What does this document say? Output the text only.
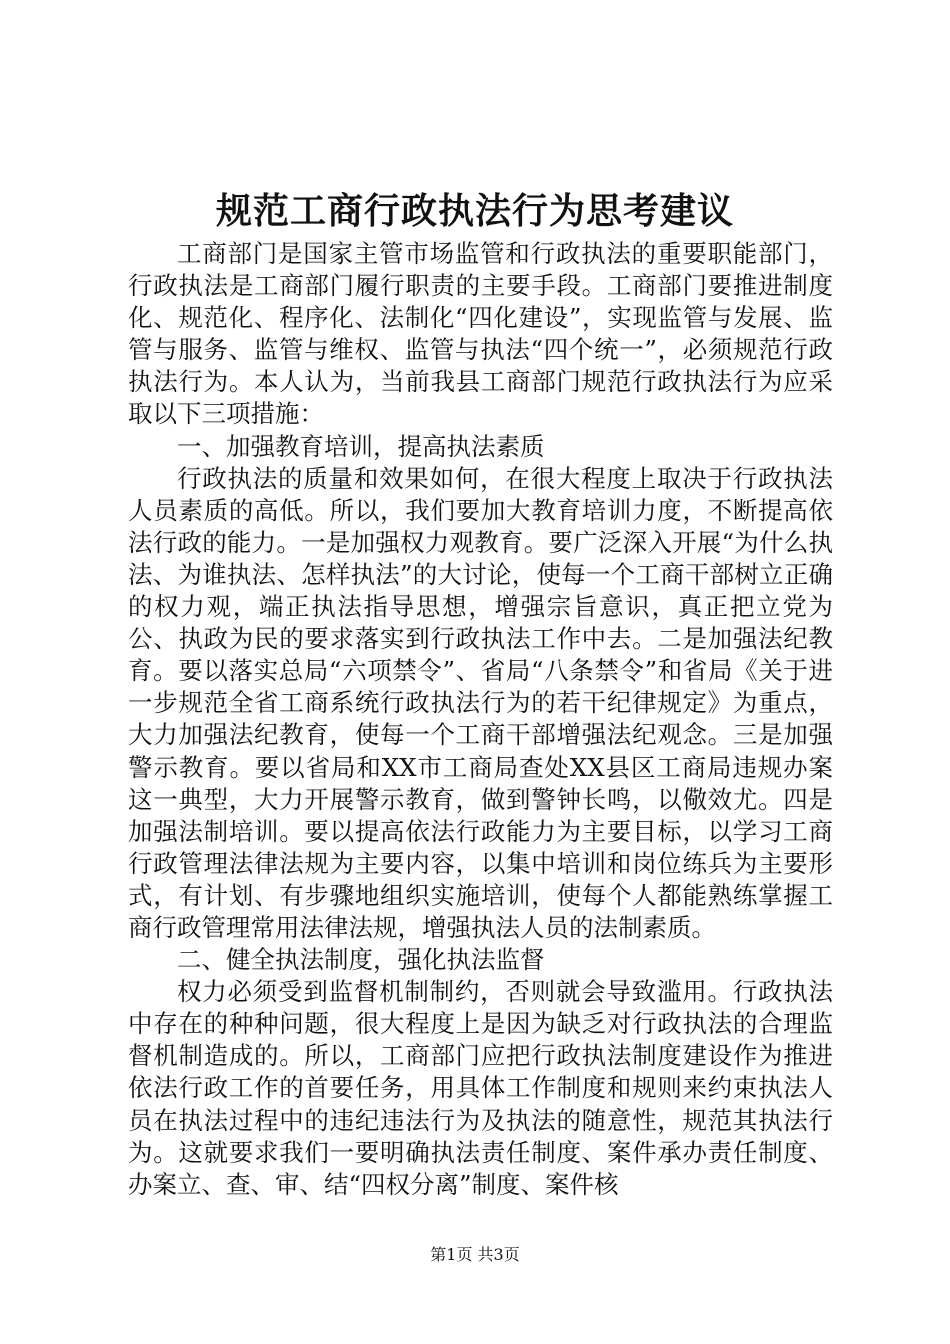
规范工商行政执法行为思考建议

工商部门是国家主管市场监管和行政执法的重要职能部门，行政执法是工商部门履行职责的主要手段。工商部门要推进制度化、规范化、程序化、法制化“四化建设”，实现监管与发展、监管与服务、监管与维权、监管与执法“四个统一”，必须规范行政执法行为。本人认为，当前我县工商部门规范行政执法行为应采取以下三项措施：

一、加强教育培训，提高执法素质

行政执法的质量和效果如何，在很大程度上取决于行政执法人员素质的高低。所以，我们要加大教育培训力度，不断提高依法行政的能力。一是加强权力观教育。要广泛深入开展“为什么执法、为谁执法、怎样执法”的大讨论，使每一个工商干部树立正确的权力观，端正执法指导思想，增强宗旨意识，真正把立党为公、执政为民的要求落实到行政执法工作中去。二是加强法纪教育。要以落实总局“六项禁令”、省局“八条禁令”和省局《关于进一步规范全省工商系统行政执法行为的若干纪律规定》为重点，大力加强法纪教育，使每一个工商干部增强法纪观念。三是加强警示教育。要以省局和XX市工商局查处XX县区工商局违规办案这一典型，大力开展警示教育，做到警钟长鸣，以儆效尤。四是加强法制培训。要以提高依法行政能力为主要目标，以学习工商行政管理法律法规为主要内容，以集中培训和岗位练兵为主要形式，有计划、有步骤地组织实施培训，使每个人都能熟练掌握工商行政管理常用法律法规，增强执法人员的法制素质。

二、健全执法制度，强化执法监督

权力必须受到监督机制制约，否则就会导致滥用。行政执法中存在的种种问题，很大程度上是因为缺乏对行政执法的合理监督机制造成的。所以，工商部门应把行政执法制度建设作为推进依法行政工作的首要任务，用具体工作制度和规则来约束执法人员在执法过程中的违纪违法行为及执法的随意性，规范其执法行为。这就要求我们一要明确执法责任制度、案件承办责任制度、办案立、查、审、结“四权分离”制度、案件核

第1页 共3页
